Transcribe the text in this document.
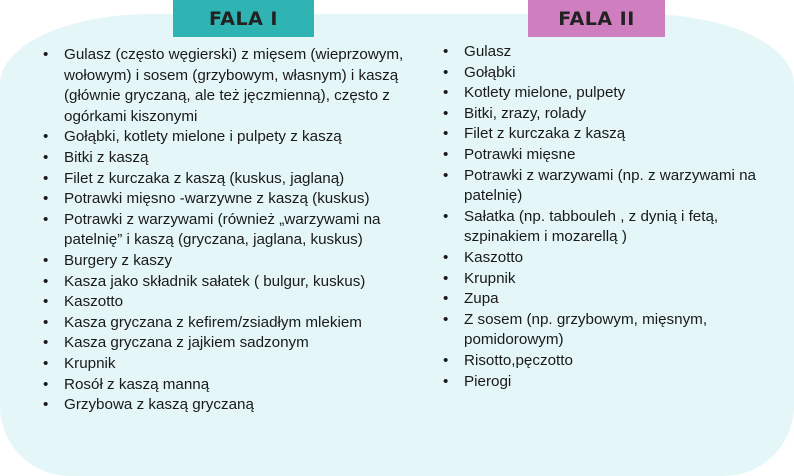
FALA I	FALA II
• Gulasz (często węgierski) z mięsem (wieprzowym, wołowym) i sosem (grzybowym, własnym) i kaszą (głównie gryczaną, ale też jęczmienną), często z ogórkami kiszonymi
• Gołąbki, kotlety mielone i pulpety z kaszą
• Bitki z kaszą
• Filet z kurczaka z kaszą (kuskus, jaglaną)
• Potrawki mięsno -warzywne z kaszą (kuskus)
• Potrawki z warzywami (również „warzywami na patelnię” i kaszą (gryczana, jaglana, kuskus)
• Burgery z kaszy
• Kasza jako składnik sałatek ( bulgur, kuskus)
• Kaszotto
• Kasza gryczana z kefirem/zsiadłym mlekiem
• Kasza gryczana z jajkiem sadzonym
• Krupnik
• Rosół z kaszą manną
• Grzybowa z kaszą gryczaną
• Gulasz
• Gołąbki
• Kotlety mielone, pulpety
• Bitki, zrazy, rolady
• Filet z kurczaka z kaszą
• Potrawki mięsne
• Potrawki z warzywami (np. z warzywami na patelnię)
• Sałatka (np. tabbouleh , z dynią i fetą, szpinakiem i mozarellą )
• Kaszotto
• Krupnik
• Zupa
• Z sosem (np. grzybowym, mięsnym, pomidorowym)
• Risotto,pęczotto
• Pierogi
